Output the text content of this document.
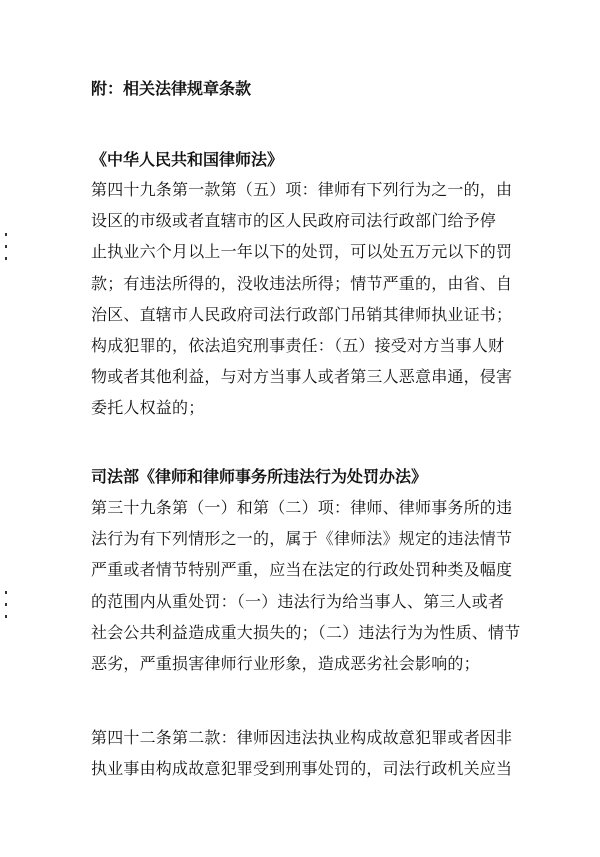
附：相关法律规章条款
《中华人民共和国律师法》
第四十九条第一款第（五）项：律师有下列行为之一的，由
设区的市级或者直辖市的区人民政府司法行政部门给予停
止执业六个月以上一年以下的处罚，可以处五万元以下的罚
款；有违法所得的，没收违法所得；情节严重的，由省、自
治区、直辖市人民政府司法行政部门吊销其律师执业证书；
构成犯罪的，依法追究刑事责任：（五）接受对方当事人财
物或者其他利益，与对方当事人或者第三人恶意串通，侵害
委托人权益的；
司法部《律师和律师事务所违法行为处罚办法》
第三十九条第（一）和第（二）项：律师、律师事务所的违
法行为有下列情形之一的，属于《律师法》规定的违法情节
严重或者情节特别严重，应当在法定的行政处罚种类及幅度
的范围内从重处罚：（一）违法行为给当事人、第三人或者
社会公共利益造成重大损失的；（二）违法行为为性质、情节
恶劣，严重损害律师行业形象，造成恶劣社会影响的；
第四十二条第二款：律师因违法执业构成故意犯罪或者因非
执业事由构成故意犯罪受到刑事处罚的，司法行政机关应当
